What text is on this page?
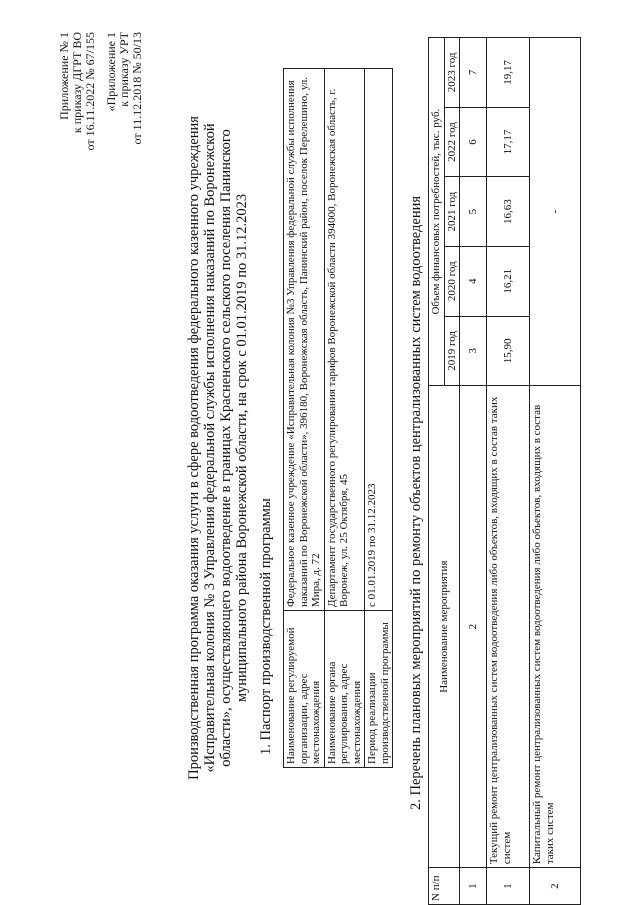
Приложение № 1 к приказу ДГРТ ВО от 16.11.2022 № 67/155 «Приложение 1 к приказу УРТ от 11.12.2018 № 50/13
Производственная программа оказания услуги в сфере водоотведения федерального казенного учреждения «Исправительная колония № 3 Управления федеральной службы исполнения наказаний по Воронежской области», осуществляющего водоотведение в границах Красненского сельского поселения Панинского муниципального района Воронежской области, на срок с 01.01.2019 по 31.12.2023 1. Паспорт производственной программы Наименование регулируемой организации, адрес местонахождения	Федеральное казенное учреждение «Исправительная колония №3 Управления федеральной службы исполнения наказаний по Воронежской области», 396180, Воронежская область, Панинский район, поселок Перелешино, ул. Мира, д. 72
Наименование органа регулирования, адрес местонахождения	Департамент государственного регулирования тарифов Воронежской области 394000, Воронежская область, г. Воронеж, ул. 25 Октября, 45
Период реализации производственной программы	с 01.01.2019 по 31.12.2023 2. Перечень плановых мероприятий по ремонту объектов централизованных систем водоотведения
N п/п	Наименование мероприятия	Объем финансовых потребностей, тыс. руб.				
		2019 год	2020 год	2021 год	2022 год	2023 год
1	2	3	4	5	6	7
1	Текущий ремонт централизованных систем водоотведения либо объектов, входящих в состав таких систем	15,90	16,21	16,63	17,17	19,17
2	Капитальный ремонт централизованных систем водоотведения либо объектов, входящих в состав таких систем	-				
